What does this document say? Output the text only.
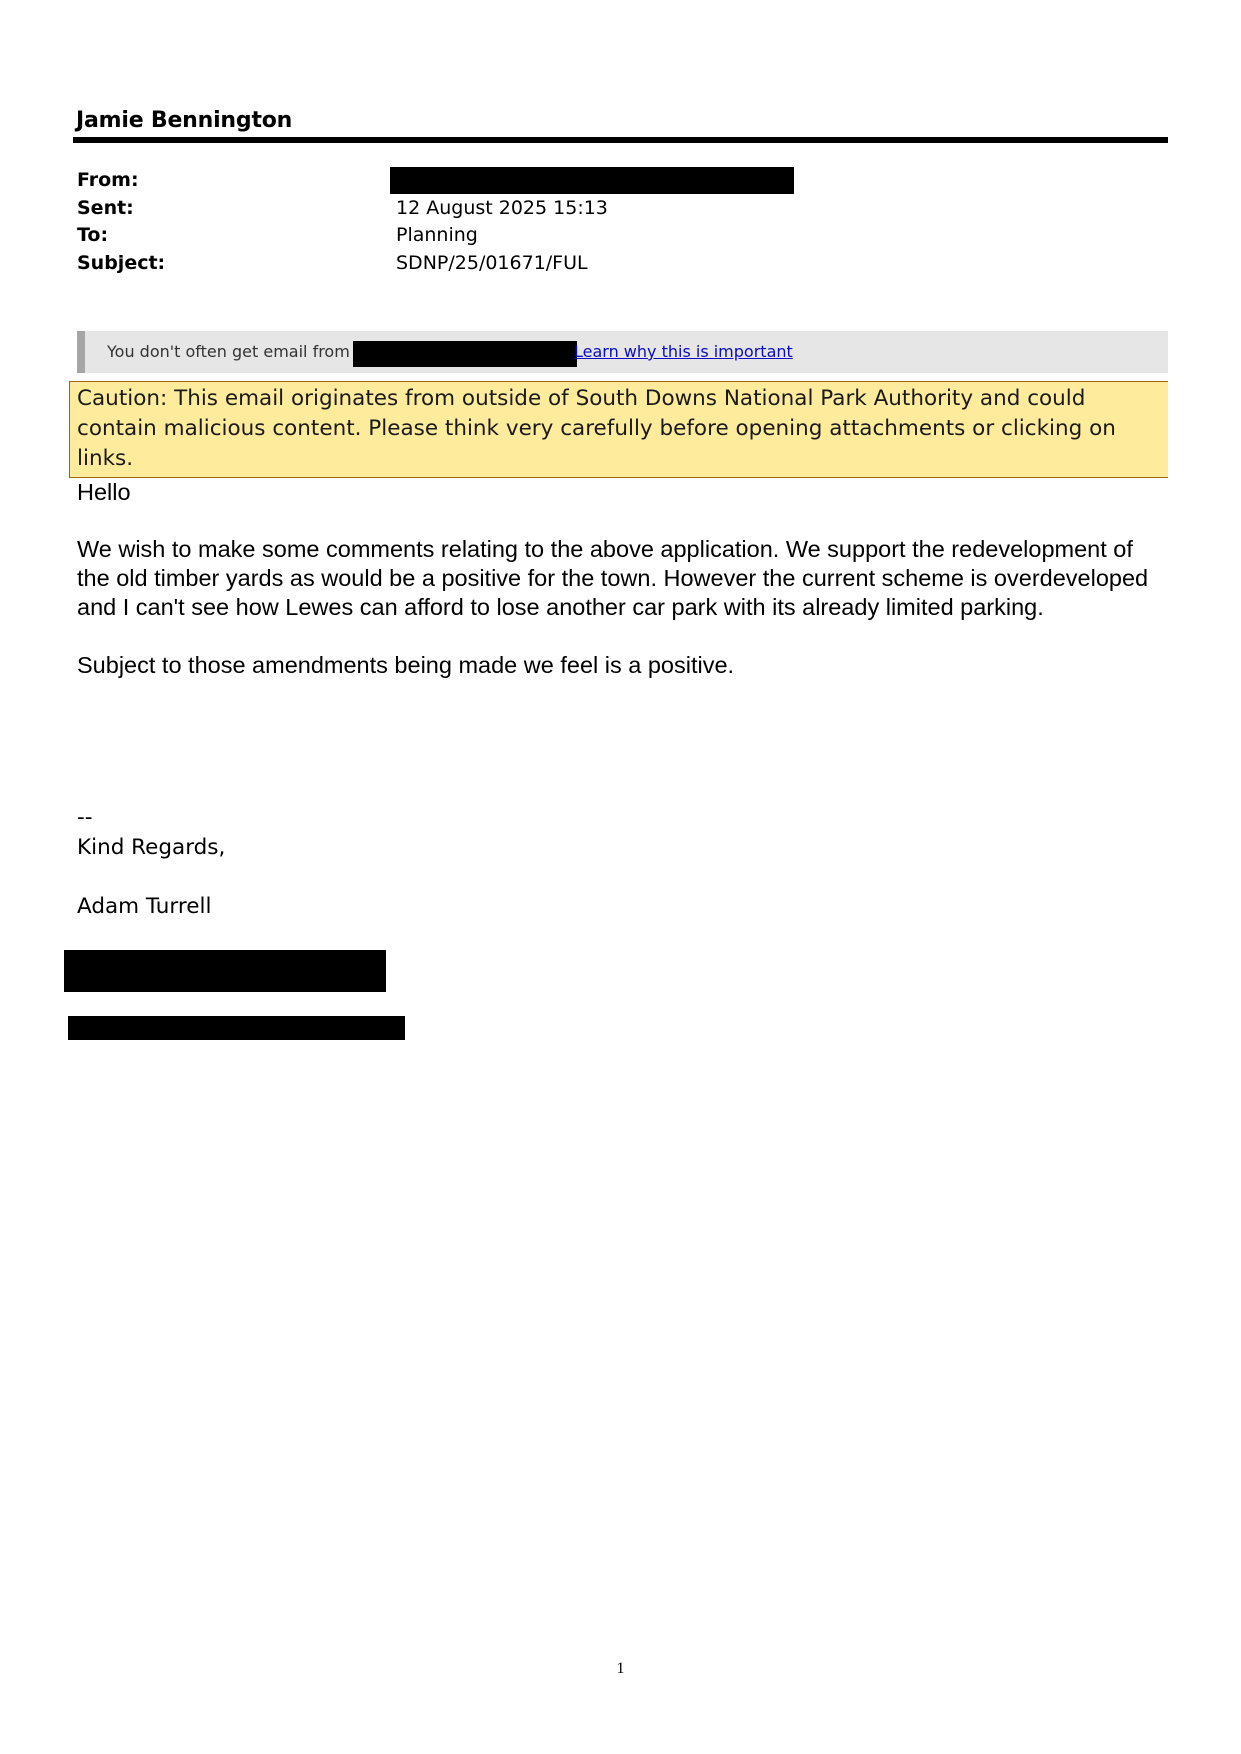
Jamie Bennington
From:
Sent:	12 August 2025 15:13
To:	Planning
Subject:	SDNP/25/01671/FUL
You don't often get email from	Learn why this is important
Caution: This email originates from outside of South Downs National Park Authority and could contain malicious content. Please think very carefully before opening attachments or clicking on links.

Hello

We wish to make some comments relating to the above application. We support the redevelopment of the old timber yards as would be a positive for the town. However the current scheme is overdeveloped and I can't see how Lewes can afford to lose another car park with its already limited parking.

Subject to those amendments being made we feel is a positive.

--
Kind Regards,
Adam Turrell
1
